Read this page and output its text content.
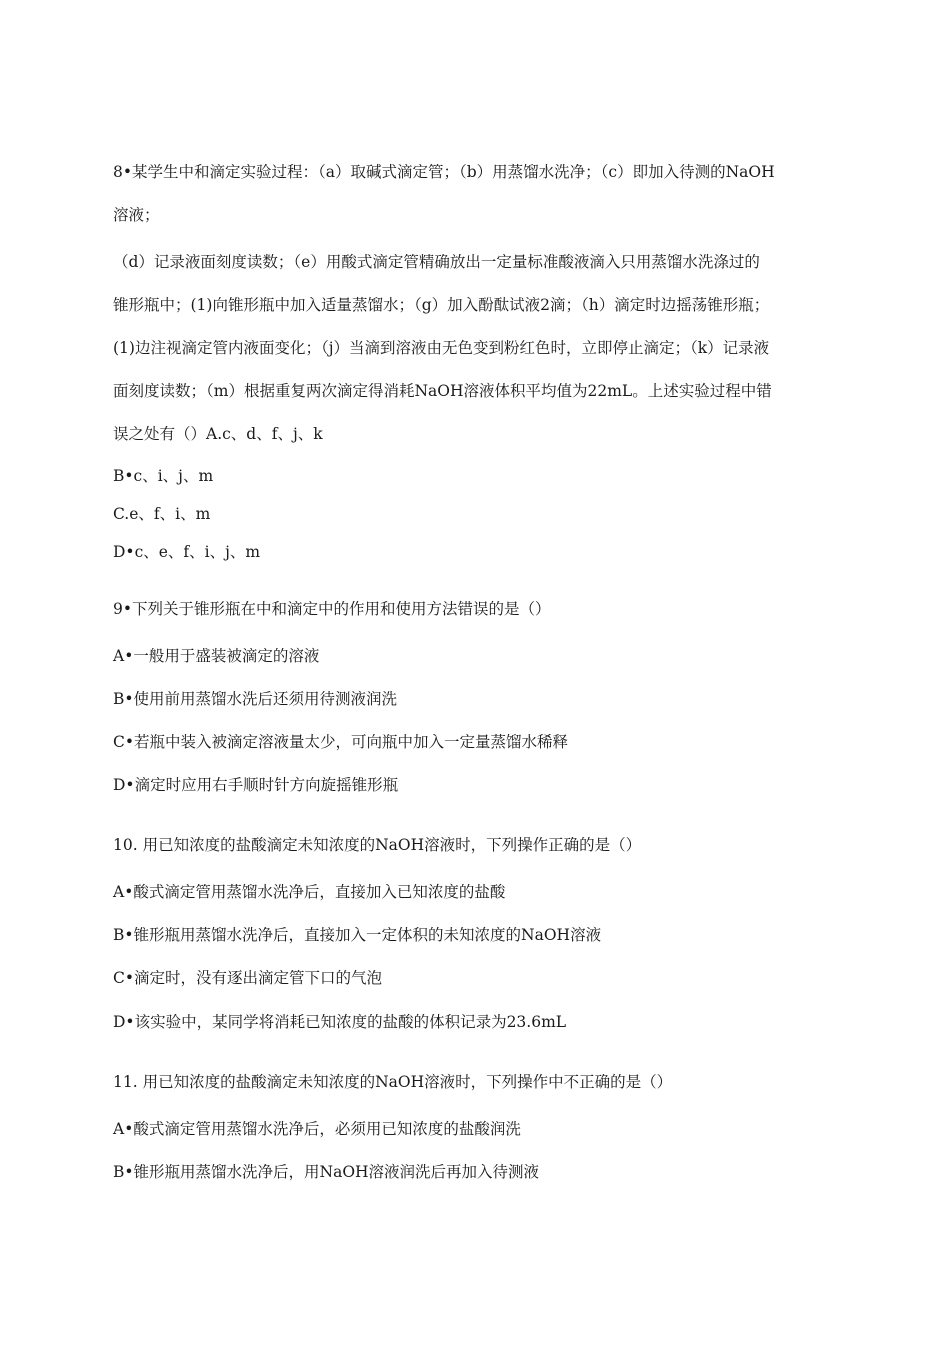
8•某学生中和滴定实验过程：（a）取碱式滴定管；（b）用蒸馏水洗净；（c）即加入待测的NaOH
溶液；
（d）记录液面刻度读数；（e）用酸式滴定管精确放出一定量标准酸液滴入只用蒸馏水洗涤过的
锥形瓶中；(1)向锥形瓶中加入适量蒸馏水；（g）加入酚酞试液2滴；（h）滴定时边摇荡锥形瓶；
(1)边注视滴定管内液面变化；（j）当滴到溶液由无色变到粉红色时，立即停止滴定；（k）记录液
面刻度读数；（m）根据重复两次滴定得消耗NaOH溶液体积平均值为22mL。上述实验过程中错
误之处有（）A.c、d、f、j、k
B•c、i、j、m
C.e、f、i、m
D•c、e、f、i、j、m
9•下列关于锥形瓶在中和滴定中的作用和使用方法错误的是（）
A•一般用于盛装被滴定的溶液
B•使用前用蒸馏水洗后还须用待测液润洗
C•若瓶中装入被滴定溶液量太少，可向瓶中加入一定量蒸馏水稀释
D•滴定时应用右手顺时针方向旋摇锥形瓶
10. 用已知浓度的盐酸滴定未知浓度的NaOH溶液时，下列操作正确的是（）
A•酸式滴定管用蒸馏水洗净后，直接加入已知浓度的盐酸
B•锥形瓶用蒸馏水洗净后，直接加入一定体积的未知浓度的NaOH溶液
C•滴定时，没有逐出滴定管下口的气泡
D•该实验中，某同学将消耗已知浓度的盐酸的体积记录为23.6mL
11. 用已知浓度的盐酸滴定未知浓度的NaOH溶液时，下列操作中不正确的是（）
A•酸式滴定管用蒸馏水洗净后，必须用已知浓度的盐酸润洗
B•锥形瓶用蒸馏水洗净后，用NaOH溶液润洗后再加入待测液
